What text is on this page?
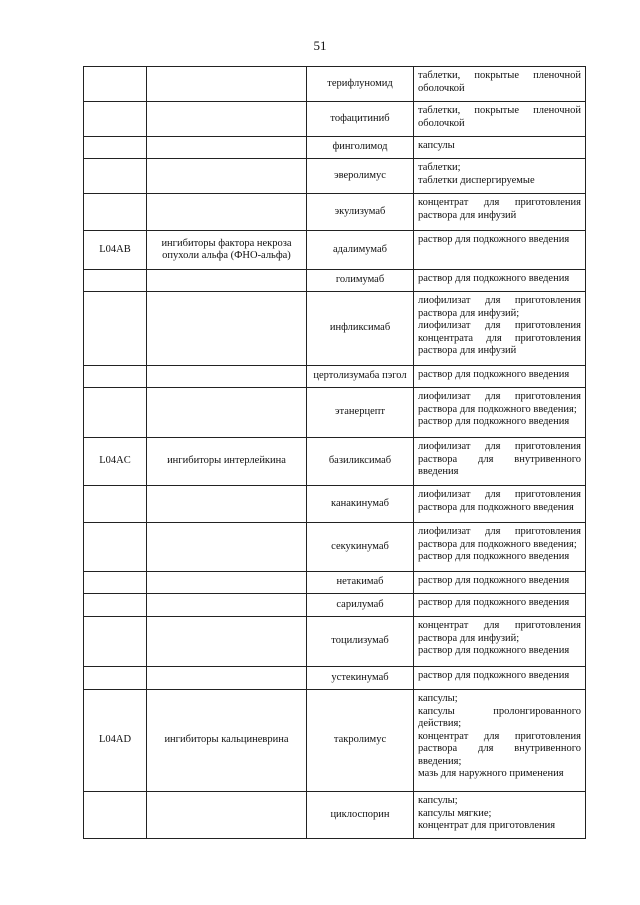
51
		терифлуномид	таблетки, покрытые пленочной оболочкой

		тофацитиниб	таблетки, покрытые пленочной оболочкой

		финголимод	капсулы

		эверолимус	таблетки;
таблетки диспергируемые

		экулизумаб	концентрат для приготовления раствора для инфузий

L04AB	ингибиторы фактора некроза опухоли альфа (ФНО-альфа)	адалимумаб	раствор для подкожного введения

		голимумаб	раствор для подкожного введения

		инфликсимаб	лиофилизат для приготовления раствора для инфузий;
лиофилизат для приготовления концентрата для приготовления раствора для инфузий

		цертолизумаба пэгол	раствор для подкожного введения

		этанерцепт	лиофилизат для приготовления раствора для подкожного введения;
раствор для подкожного введения

L04AC	ингибиторы интерлейкина	базиликсимаб	лиофилизат для приготовления раствора для внутривенного введения

		канакинумаб	лиофилизат для приготовления раствора для подкожного введения

		секукинумаб	лиофилизат для приготовления раствора для подкожного введения;
раствор для подкожного введения

		нетакимаб	раствор для подкожного введения

		сарилумаб	раствор для подкожного введения

		тоцилизумаб	концентрат для приготовления раствора для инфузий;
раствор для подкожного введения

		устекинумаб	раствор для подкожного введения

L04AD	ингибиторы кальциневрина	такролимус	капсулы;
капсулы пролонгированного действия;
концентрат для приготовления раствора для внутривенного введения;
мазь для наружного применения

		циклоспорин	капсулы;
капсулы мягкие;
концентрат для приготовления
